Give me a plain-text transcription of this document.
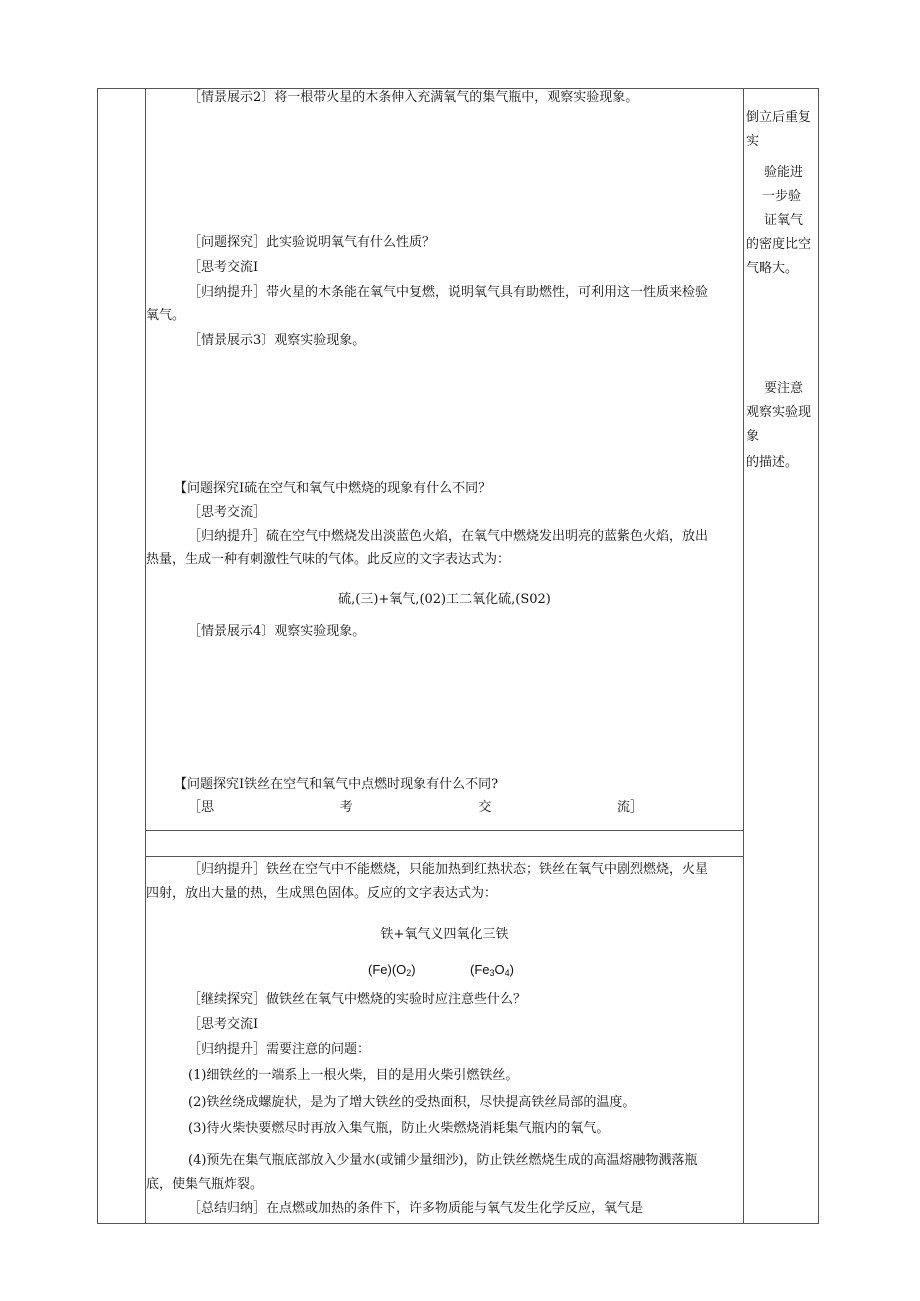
［情景展示2〕将一根带火星的木条伸入充满氧气的集气瓶中，观察实验现象。
［问题探究］此实验说明氧气有什么性质？
［思考交流I
［归纳提升］带火星的木条能在氧气中复燃，说明氧气具有助燃性，可利用这一性质来检验
氧气。
［情景展示3〕观察实验现象。
【问题探究I硫在空气和氧气中燃烧的现象有什么不同？
［思考交流］
［归纳提升］硫在空气中燃烧发出淡蓝色火焰，在氧气中燃烧发出明亮的蓝紫色火焰，放出
热量，生成一种有刺激性气味的气体。此反应的文字表达式为：
硫,(三)+氧气,(02)工二氧化硫,(S02)
［情景展示4〕观察实验现象。
【问题探究I铁丝在空气和氧气中点燃时现象有什么不同?
［思	考	交	流］
［归纳提升］铁丝在空气中不能燃烧，只能加热到红热状态；铁丝在氧气中剧烈燃烧，火星
四射，放出大量的热，生成黑色固体。反应的文字表达式为：
铁+氧气义四氧化三铁
$(Fe)(O_2)$	$(Fe_3O_4)$
［继续探究］做铁丝在氧气中燃烧的实验时应注意些什么？
［思考交流I
［归纳提升］需要注意的问题：
(1)细铁丝的一端系上一根火柴，目的是用火柴引燃铁丝。
(2)铁丝绕成螺旋状，是为了增大铁丝的受热面积，尽快提高铁丝局部的温度。
(3)待火柴快要燃尽时再放入集气瓶，防止火柴燃烧消耗集气瓶内的氧气。
(4)预先在集气瓶底部放入少量水(或铺少量细沙)，防止铁丝燃烧生成的高温熔融物溅落瓶
底，使集气瓶炸裂。
［总结归纳］在点燃或加热的条件下，许多物质能与氧气发生化学反应，氧气是
倒立后重复
实
验能进
一步验
证氧气
的密度比空
气略大。
要注意
观察实验现
象
的描述。
